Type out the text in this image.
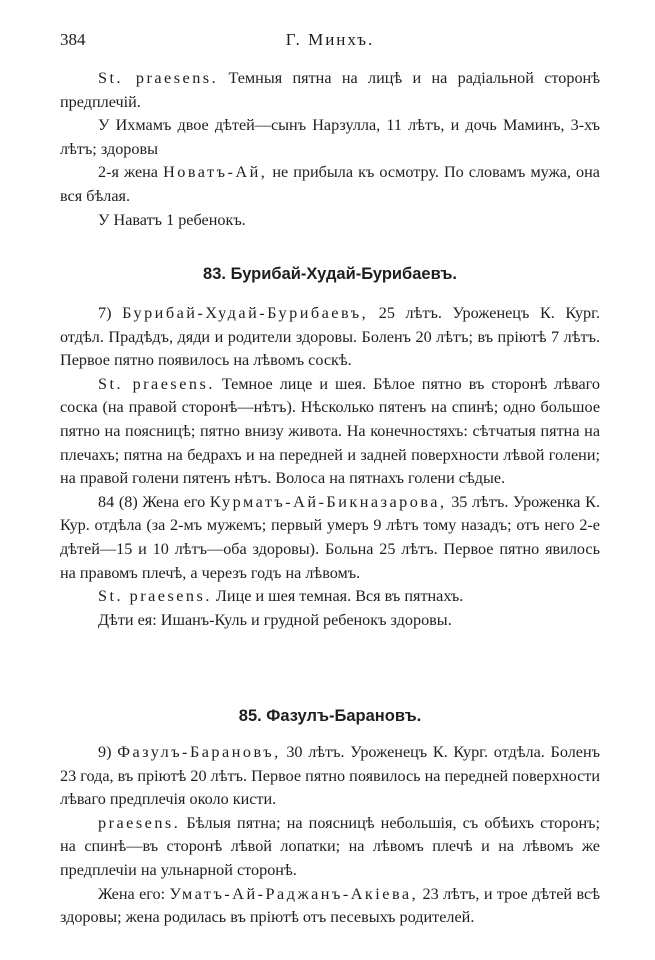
384	Г. Минхъ.

St. praesens. Темныя пятна на лицѣ и на радiальной сторонѣ предплечiй.

У Ихмамъ двое дѣтей—сынъ Нарзулла, 11 лѣтъ, и дочь Маминъ, 3-хъ лѣтъ; здоровы

2-я жена Новатъ-Ай, не прибыла къ осмотру. По словамъ мужа, она вся бѣлая.

У Наватъ 1 ребенокъ.

83. Бурибай-Худай-Бурибаевъ.

7) Бурибай-Худай-Бурибаевъ, 25 лѣтъ. Уроженецъ К. Кург. отдѣл. Прадѣдъ, дяди и родители здоровы. Боленъ 20 лѣтъ; въ прiютѣ 7 лѣтъ. Первое пятно появилось на лѣвомъ соскѣ.

St. praesens. Темное лице и шея. Бѣлое пятно въ сторонѣ лѣваго соска (на правой сторонѣ—нѣтъ). Нѣсколько пятенъ на спинѣ; одно большое пятно на поясницѣ; пятно внизу живота. На конечностяхъ: сѣтчатыя пятна на плечахъ; пятна на бедрахъ и на передней и задней поверхности лѣвой голени; на правой голени пятенъ нѣтъ. Волоса на пятнахъ голени сѣдые.

84 (8) Жена его Курматъ-Ай-Бикназарова, 35 лѣтъ. Уроженка К. Кур. отдѣла (за 2-мъ мужемъ; первый умеръ 9 лѣтъ тому назадъ; отъ него 2-е дѣтей—15 и 10 лѣтъ—оба здоровы). Больна 25 лѣтъ. Первое пятно явилось на правомъ плечѣ, а черезъ годъ на лѣвомъ.

St. praesens. Лице и шея темная. Вся въ пятнахъ.

Дѣти ея: Ишанъ-Куль и грудной ребенокъ здоровы.

85. Фазулъ-Барановъ.

9) Фазулъ-Барановъ, 30 лѣтъ. Уроженецъ К. Кург. отдѣла. Боленъ 23 года, въ прiютѣ 20 лѣтъ. Первое пятно появилось на передней поверхности лѣваго предплечiя около кисти.

praesens. Бѣлыя пятна; на поясницѣ небольшiя, съ обѣихъ сторонъ; на спинѣ—въ сторонѣ лѣвой лопатки; на лѣвомъ плечѣ и на лѣвомъ же предплечiи на ульнарной сторонѣ.

Жена его: Уматъ-Ай-Раджанъ-Акiева, 23 лѣтъ, и трое дѣтей всѣ здоровы; жена родилась въ прiютѣ отъ песевыхъ родителей.
